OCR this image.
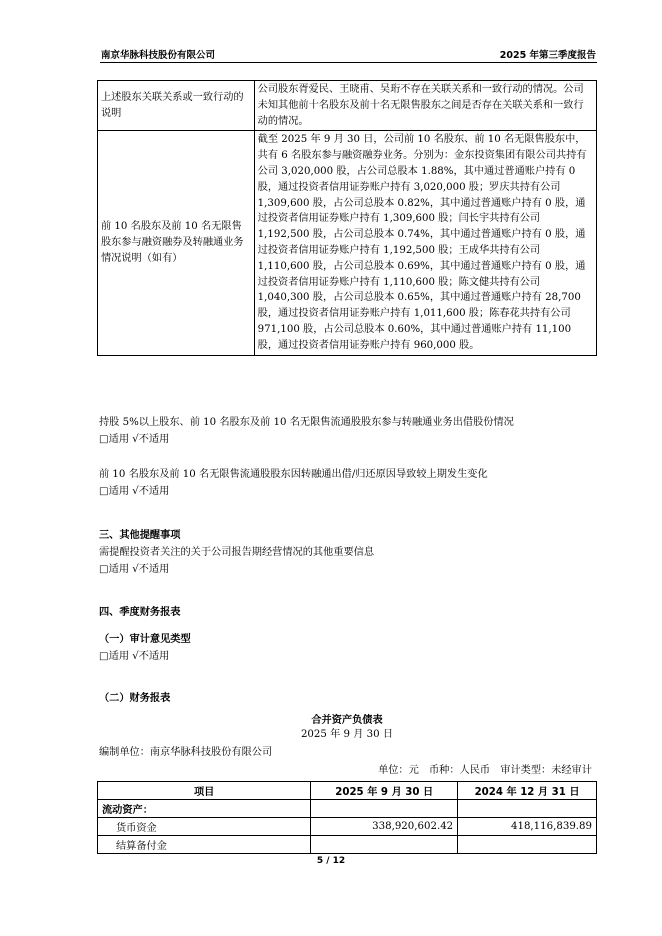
南京华脉科技股份有限公司	2025 年第三季度报告
上述股东关联关系或一致行动的说明	公司股东胥爱民、王晓甫、吴珩不存在关联关系和一致行动的情况。公司未知其他前十名股东及前十名无限售股东之间是否存在关联关系和一致行动的情况。
前 10 名股东及前 10 名无限售股东参与融资融券及转融通业务情况说明（如有）	截至 2025 年 9 月 30 日，公司前 10 名股东、前 10 名无限售股东中，共有 6 名股东参与融资融券业务。分别为：金东投资集团有限公司共持有公司 3,020,000 股，占公司总股本 1.88%，其中通过普通账户持有 0 股，通过投资者信用证券账户持有 3,020,000 股；罗庆共持有公司 1,309,600 股，占公司总股本 0.82%，其中通过普通账户持有 0 股，通过投资者信用证券账户持有 1,309,600 股；闫长宇共持有公司 1,192,500 股，占公司总股本 0.74%，其中通过普通账户持有 0 股，通过投资者信用证券账户持有 1,192,500 股；王成华共持有公司 1,110,600 股，占公司总股本 0.69%，其中通过普通账户持有 0 股，通过投资者信用证券账户持有 1,110,600 股；陈文健共持有公司 1,040,300 股，占公司总股本 0.65%，其中通过普通账户持有 28,700 股，通过投资者信用证券账户持有 1,011,600 股；陈春花共持有公司 971,100 股，占公司总股本 0.60%，其中通过普通账户持有 11,100 股，通过投资者信用证券账户持有 960,000 股。
持股 5%以上股东、前 10 名股东及前 10 名无限售流通股股东参与转融通业务出借股份情况
□适用 √不适用
前 10 名股东及前 10 名无限售流通股股东因转融通出借/归还原因导致较上期发生变化
□适用 √不适用
三、其他提醒事项
需提醒投资者关注的关于公司报告期经营情况的其他重要信息
□适用 √不适用
四、季度财务报表
（一）审计意见类型
□适用 √不适用
（二）财务报表
合并资产负债表
2025 年 9 月 30 日
编制单位：南京华脉科技股份有限公司
单位：元　币种：人民币　审计类型：未经审计
项目	2025 年 9 月 30 日	2024 年 12 月 31 日
流动资产：		
货币资金	338,920,602.42	418,116,839.89
结算备付金		
5 / 12
